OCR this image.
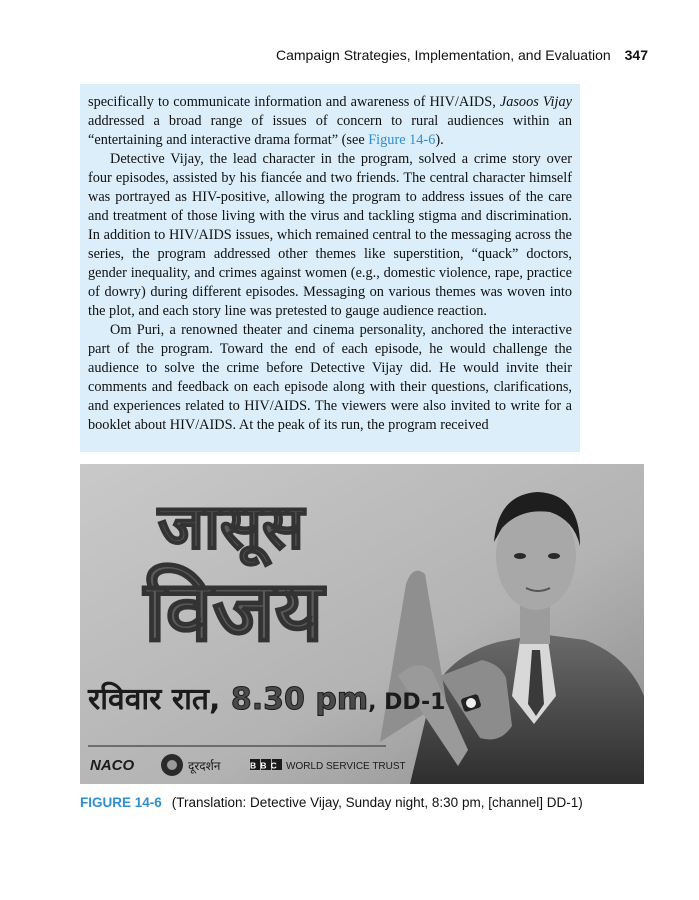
Campaign Strategies, Implementation, and Evaluation 347

specifically to communicate information and awareness of HIV/AIDS, Jasoos Vijay addressed a broad range of issues of concern to rural audiences within an “entertaining and interactive drama format” (see Figure 14-6).

Detective Vijay, the lead character in the program, solved a crime story over four episodes, assisted by his fiancée and two friends. The central character himself was portrayed as HIV-positive, allowing the program to address issues of the care and treatment of those living with the virus and tackling stigma and discrimination. In addition to HIV/AIDS issues, which remained central to the messaging across the series, the program addressed other themes like superstition, “quack” doctors, gender inequality, and crimes against women (e.g., domestic violence, rape, practice of dowry) during different episodes. Messaging on various themes was woven into the plot, and each story line was pretested to gauge audience reaction.

Om Puri, a renowned theater and cinema personality, anchored the interactive part of the program. Toward the end of each episode, he would challenge the audience to solve the crime before Detective Vijay did. He would invite their comments and feedback on each episode along with their questions, clarifications, and experiences related to HIV/AIDS. The viewers were also invited to write for a booklet about HIV/AIDS. At the peak of its run, the program received

जासूस
विजय
रविवार रात, 8.30 pm, DD-1
NACO	दूरदर्शन	BBC WORLD SERVICE TRUST
FIGURE 14-6 (Translation: Detective Vijay, Sunday night, 8:30 pm, [channel] DD-1)
